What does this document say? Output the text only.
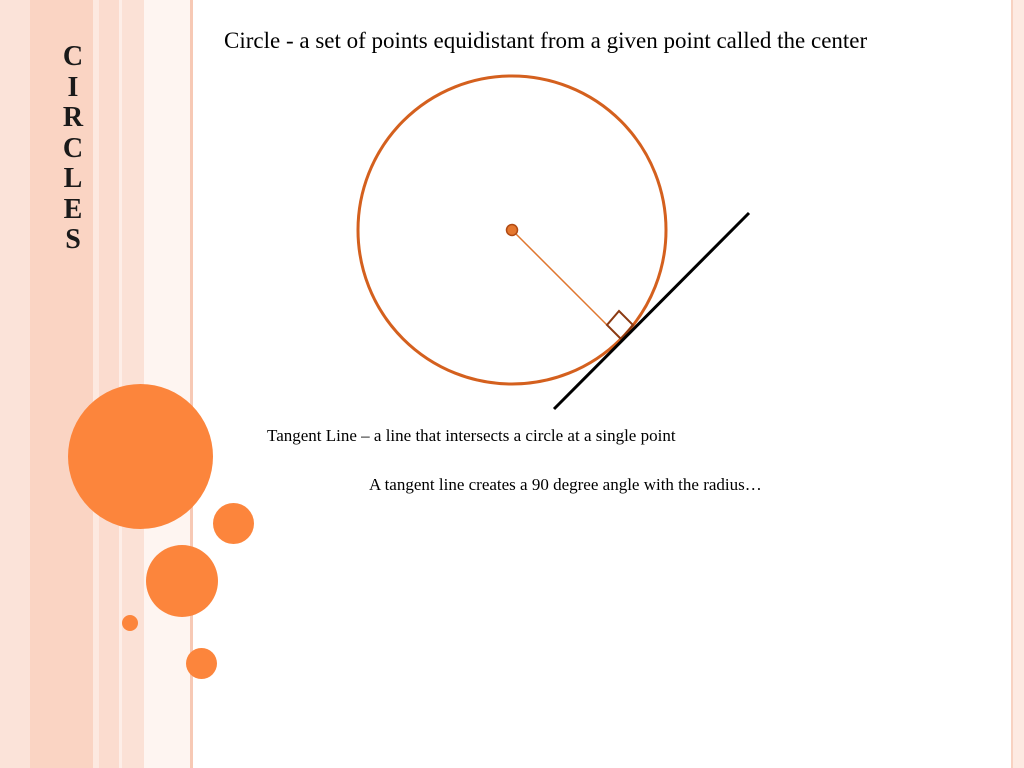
C
I
R
C
L
E
S
Circle - a set of points equidistant from a given point called the center
Tangent Line – a line that intersects a circle at a single point
A tangent line creates a 90 degree angle with the radius…
